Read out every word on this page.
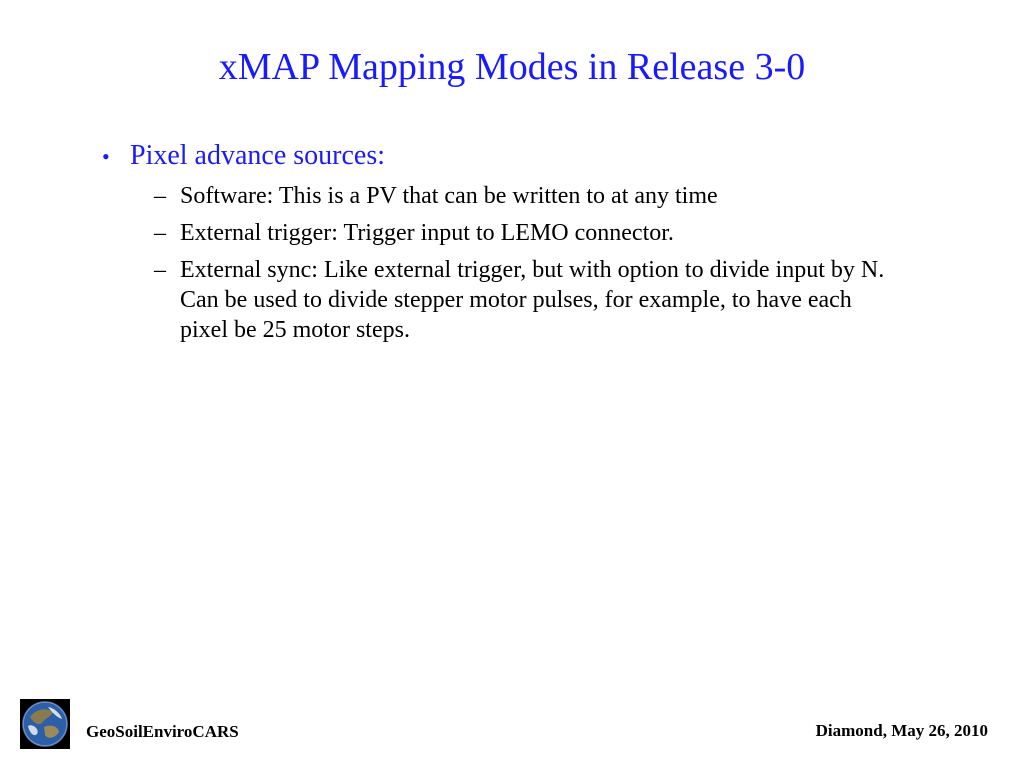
xMAP Mapping Modes in Release 3-0
• Pixel advance sources:
– Software: This is a PV that can be written to at any time
– External trigger: Trigger input to LEMO connector.
– External sync: Like external trigger, but with option to divide input by N. Can be used to divide stepper motor pulses, for example, to have each pixel be 25 motor steps.
GeoSoilEnviroCARS	Diamond, May 26, 2010
